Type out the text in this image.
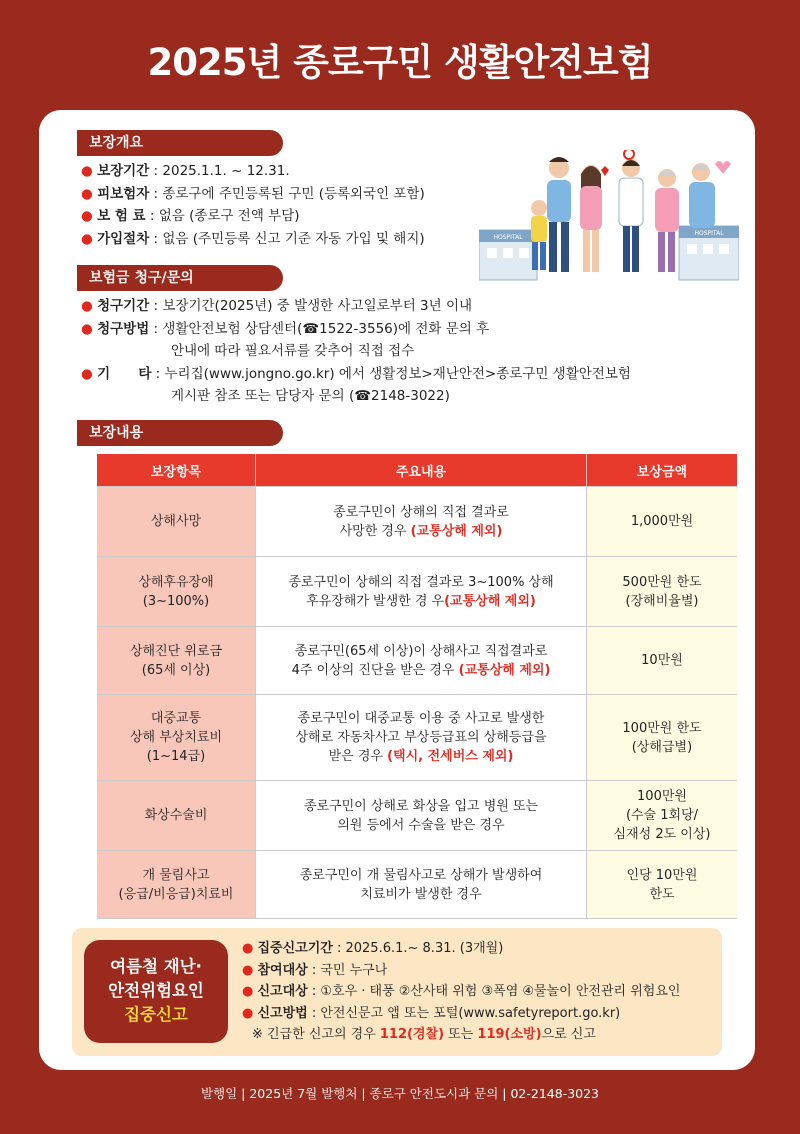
2025년 종로구민 생활안전보험
보장개요
● 보장기간 : 2025.1.1. ~ 12.31.
● 피보험자 : 종로구에 주민등록된 구민 (등록외국인 포함)
● 보 험 료 : 없음 (종로구 전액 부담)
● 가입절차 : 없음 (주민등록 신고 기준 자동 가입 및 해지)	HOSPITAL
HOSPITAL
보험금 청구/문의
● 청구기간 : 보장기간(2025년) 중 발생한 사고일로부터 3년 이내
● 청구방법 : 생활안전보험 상담센터(☎1522-3556)에 전화 문의 후
안내에 따라 필요서류를 갖추어 직접 접수
● 기      타 : 누리집(www.jongno.go.kr) 에서 생활정보>재난안전>종로구민 생활안전보험
게시판 참조 또는 담당자 문의 (☎2148-3022)
보장내용
보장항목	주요내용	보상금액
상해사망	종로구민이 상해의 직접 결과로
사망한 경우 (교통상해 제외)	1,000만원
상해후유장애
(3~100%)	종로구민이 상해의 직접 결과로 3~100% 상해
후유장해가 발생한 경 우(교통상해 제외)	500만원 한도
(장해비율별)
상해진단 위로금
(65세 이상)	종로구민(65세 이상)이 상해사고 직접결과로
4주 이상의 진단을 받은 경우 (교통상해 제외)	10만원
대중교통
상해 부상치료비
(1~14급)	종로구민이 대중교통 이용 중 사고로 발생한
상해로 자동차사고 부상등급표의 상해등급을
받은 경우 (택시, 전세버스 제외)	100만원 한도
(상해급별)
화상수술비	종로구민이 상해로 화상을 입고 병원 또는
의원 등에서 수술을 받은 경우	100만원
(수술 1회당/
심재성 2도 이상)
개 물림사고
(응급/비응급)치료비	종로구민이 개 물림사고로 상해가 발생하여
치료비가 발생한 경우	인당 10만원
한도
여름철 재난·
안전위험요인
집중신고
● 집중신고기간 : 2025.6.1.~ 8.31. (3개월)
● 참여대상 : 국민 누구나
● 신고대상 : ①호우 · 태풍 ②산사태 위험 ③폭염 ④물놀이 안전관리 위험요인
● 신고방법 : 안전신문고 앱 또는 포털(www.safetyreport.go.kr)
※ 긴급한 신고의 경우 112(경찰) 또는 119(소방)으로 신고
발행일 | 2025년 7월 발행처 | 종로구 안전도시과 문의 | 02-2148-3023
